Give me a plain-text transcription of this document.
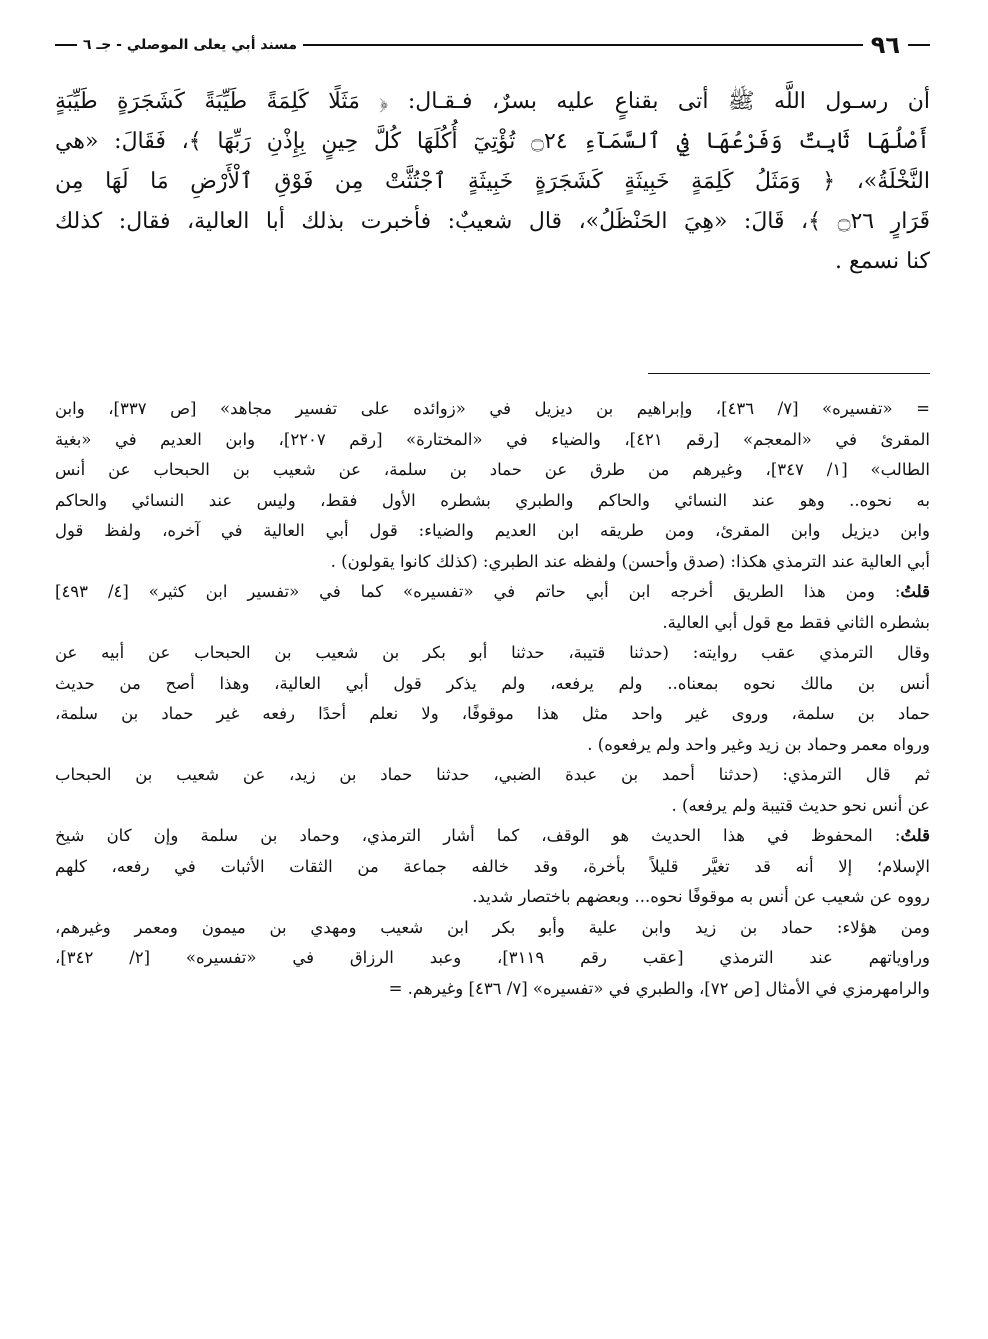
٩٦
مسند أبي يعلى الموصلي - جـ ٦
أن رسـول اللَّه ﷺ أتى بقناعٍ عليه بسرٌ، فـقـال: ﴿ مَثَلًا كَلِمَةً طَيِّبَةً كَشَجَرَةٍ طَيِّبَةٍ
أَصْلُهَا ثَابِتٌ وَفَرْعُهَا فِي ٱلسَّمَآءِ ۝٢٤ تُؤْتِيٓ أُكُلَهَا كُلَّ حِينٍ بِإِذْنِ رَبِّهَا ﴾، فَقَالَ: «هي
النَّخْلَةُ»، ﴿ وَمَثَلُ كَلِمَةٍ خَبِيثَةٍ كَشَجَرَةٍ خَبِيثَةٍ ٱجْتُثَّتْ مِن فَوْقِ ٱلْأَرْضِ مَا لَهَا مِن
قَرَارٍ ۝٢٦ ﴾، قَالَ: «هِيَ الحَنْظَلُ»، قال شعيبٌ: فأخبرت بذلك أبا العالية، فقال: كذلك
كنا نسمع .
= «تفسيره» [٧/ ٤٣٦]، وإبراهيم بن ديزيل في «زوائده على تفسير مجاهد» [ص ٣٣٧]، وابن
المقرئ في «المعجم» [رقم ٤٢١]، والضياء في «المختارة» [رقم ٢٢٠٧]، وابن العديم في «بغية
الطالب» [١/ ٣٤٧]، وغيرهم من طرق عن حماد بن سلمة، عن شعيب بن الحبحاب عن أنس
به نحوه.. وهو عند النسائي والحاكم والطبري بشطره الأول فقط، وليس عند النسائي والحاكم
وابن ديزيل وابن المقرئ، ومن طريقه ابن العديم والضياء: قول أبي العالية في آخره، ولفظ قول
أبي العالية عند الترمذي هكذا: (صدق وأحسن) ولفظه عند الطبري: (كذلك كانوا يقولون) .
قلتُ: ومن هذا الطريق أخرجه ابن أبي حاتم في «تفسيره» كما في «تفسير ابن كثير» [٤/ ٤٩٣]
بشطره الثاني فقط مع قول أبي العالية.
وقال الترمذي عقب روايته: (حدثنا قتيبة، حدثنا أبو بكر بن شعيب بن الحبحاب عن أبيه عن
أنس بن مالك نحوه بمعناه.. ولم يرفعه، ولم يذكر قول أبي العالية، وهذا أصح من حديث
حماد بن سلمة، وروى غير واحد مثل هذا موقوفًا، ولا نعلم أحدًا رفعه غير حماد بن سلمة،
ورواه معمر وحماد بن زيد وغير واحد ولم يرفعوه) .
ثم قال الترمذي: (حدثنا أحمد بن عبدة الضبي، حدثنا حماد بن زيد، عن شعيب بن الحبحاب
عن أنس نحو حديث قتيبة ولم يرفعه) .
قلتُ: المحفوظ في هذا الحديث هو الوقف، كما أشار الترمذي، وحماد بن سلمة وإن كان شيخ
الإسلام؛ إلا أنه قد تغيَّر قليلاً بأخرة، وقد خالفه جماعة من الثقات الأثبات في رفعه، كلهم
رووه عن شعيب عن أنس به موقوفًا نحوه... وبعضهم باختصار شديد.
ومن هؤلاء: حماد بن زيد وابن علية وأبو بكر ابن شعيب ومهدي بن ميمون ومعمر وغيرهم،
وراوياتهم عند الترمذي [عقب رقم ٣١١٩]، وعبد الرزاق في «تفسيره» [٢/ ٣٤٢]،
والرامهرمزي في الأمثال [ص ٧٢]، والطبري في «تفسيره» [٧/ ٤٣٦] وغيرهم. =
